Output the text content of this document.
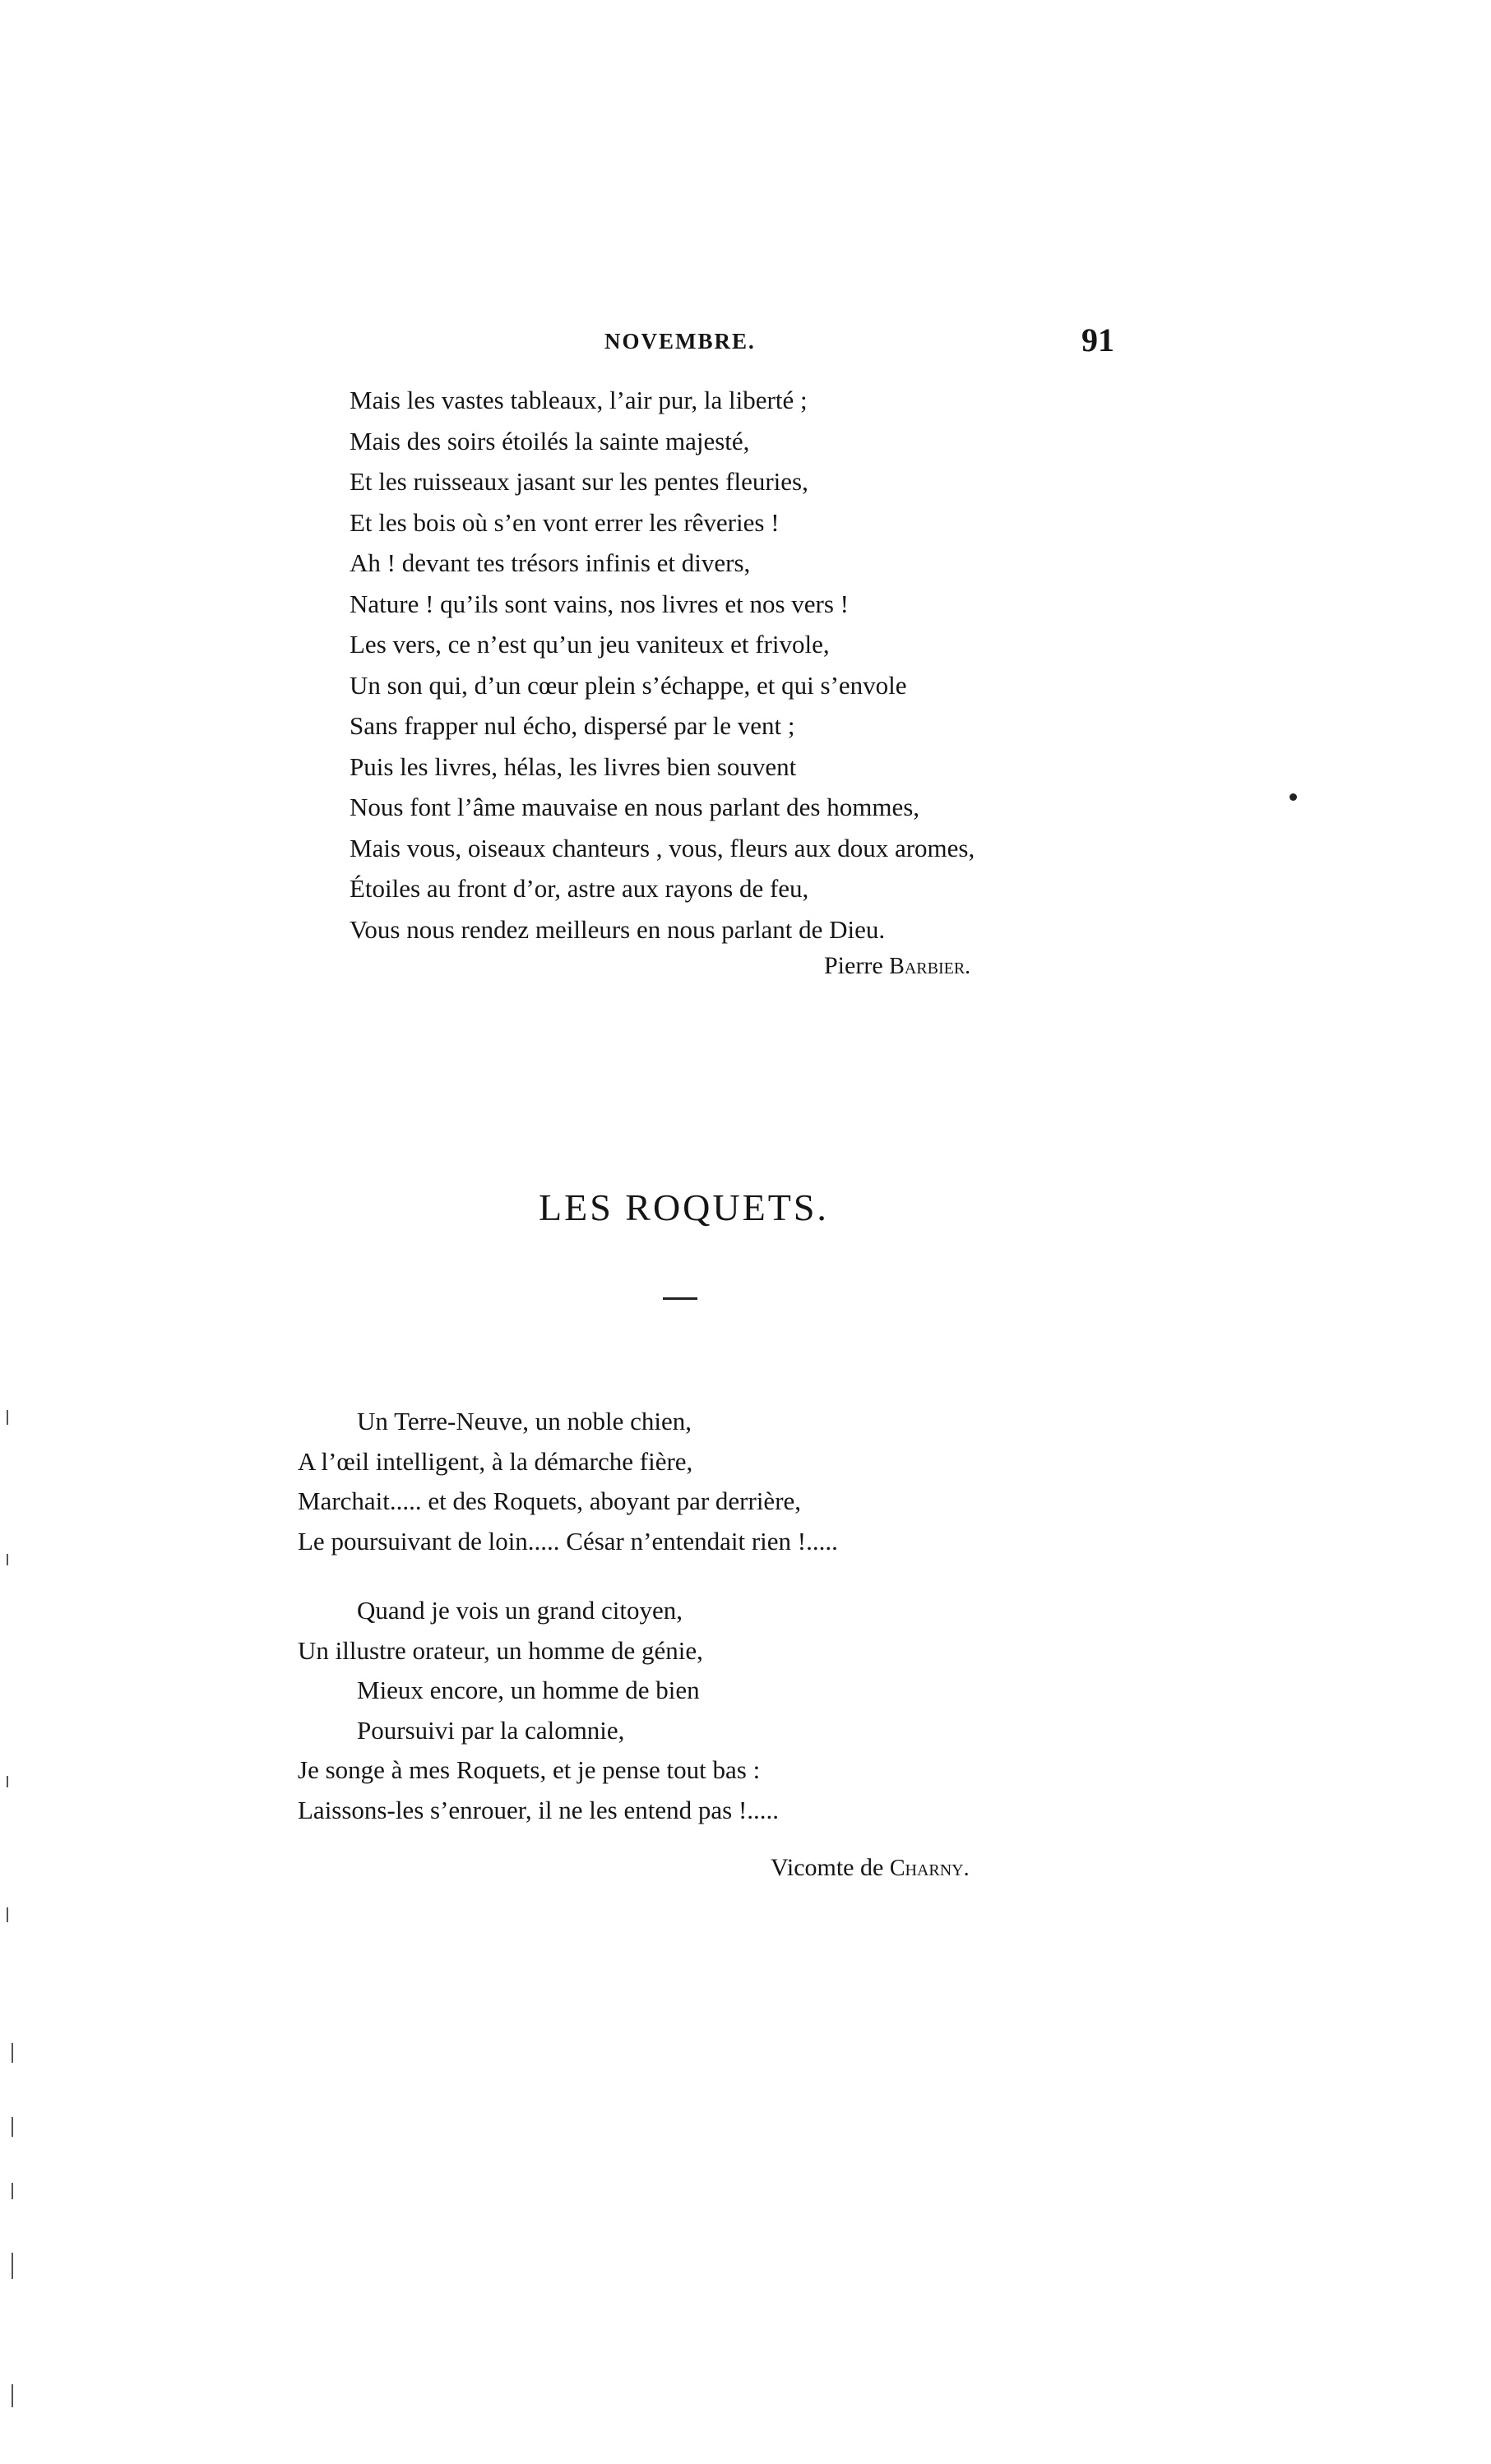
NOVEMBRE.	91
Mais les vastes tableaux, l’air pur, la liberté ;
Mais des soirs étoilés la sainte majesté,
Et les ruisseaux jasant sur les pentes fleuries,
Et les bois où s’en vont errer les rêveries !
Ah ! devant tes trésors infinis et divers,
Nature ! qu’ils sont vains, nos livres et nos vers !
Les vers, ce n’est qu’un jeu vaniteux et frivole,
Un son qui, d’un cœur plein s’échappe, et qui s’envole
Sans frapper nul écho, dispersé par le vent ;
Puis les livres, hélas, les livres bien souvent
Nous font l’âme mauvaise en nous parlant des hommes,
Mais vous, oiseaux chanteurs , vous, fleurs aux doux aromes,
Étoiles au front d’or, astre aux rayons de feu,
Vous nous rendez meilleurs en nous parlant de Dieu.
Pierre Barbier.
LES ROQUETS.
Un Terre-Neuve, un noble chien,
A l’œil intelligent, à la démarche fière,
Marchait..... et des Roquets, aboyant par derrière,
Le poursuivant de loin..... César n’entendait rien !.....
Quand je vois un grand citoyen,
Un illustre orateur, un homme de génie,
Mieux encore, un homme de bien
Poursuivi par la calomnie,
Je songe à mes Roquets, et je pense tout bas :
Laissons-les s’enrouer, il ne les entend pas !.....
Vicomte de Charny.
